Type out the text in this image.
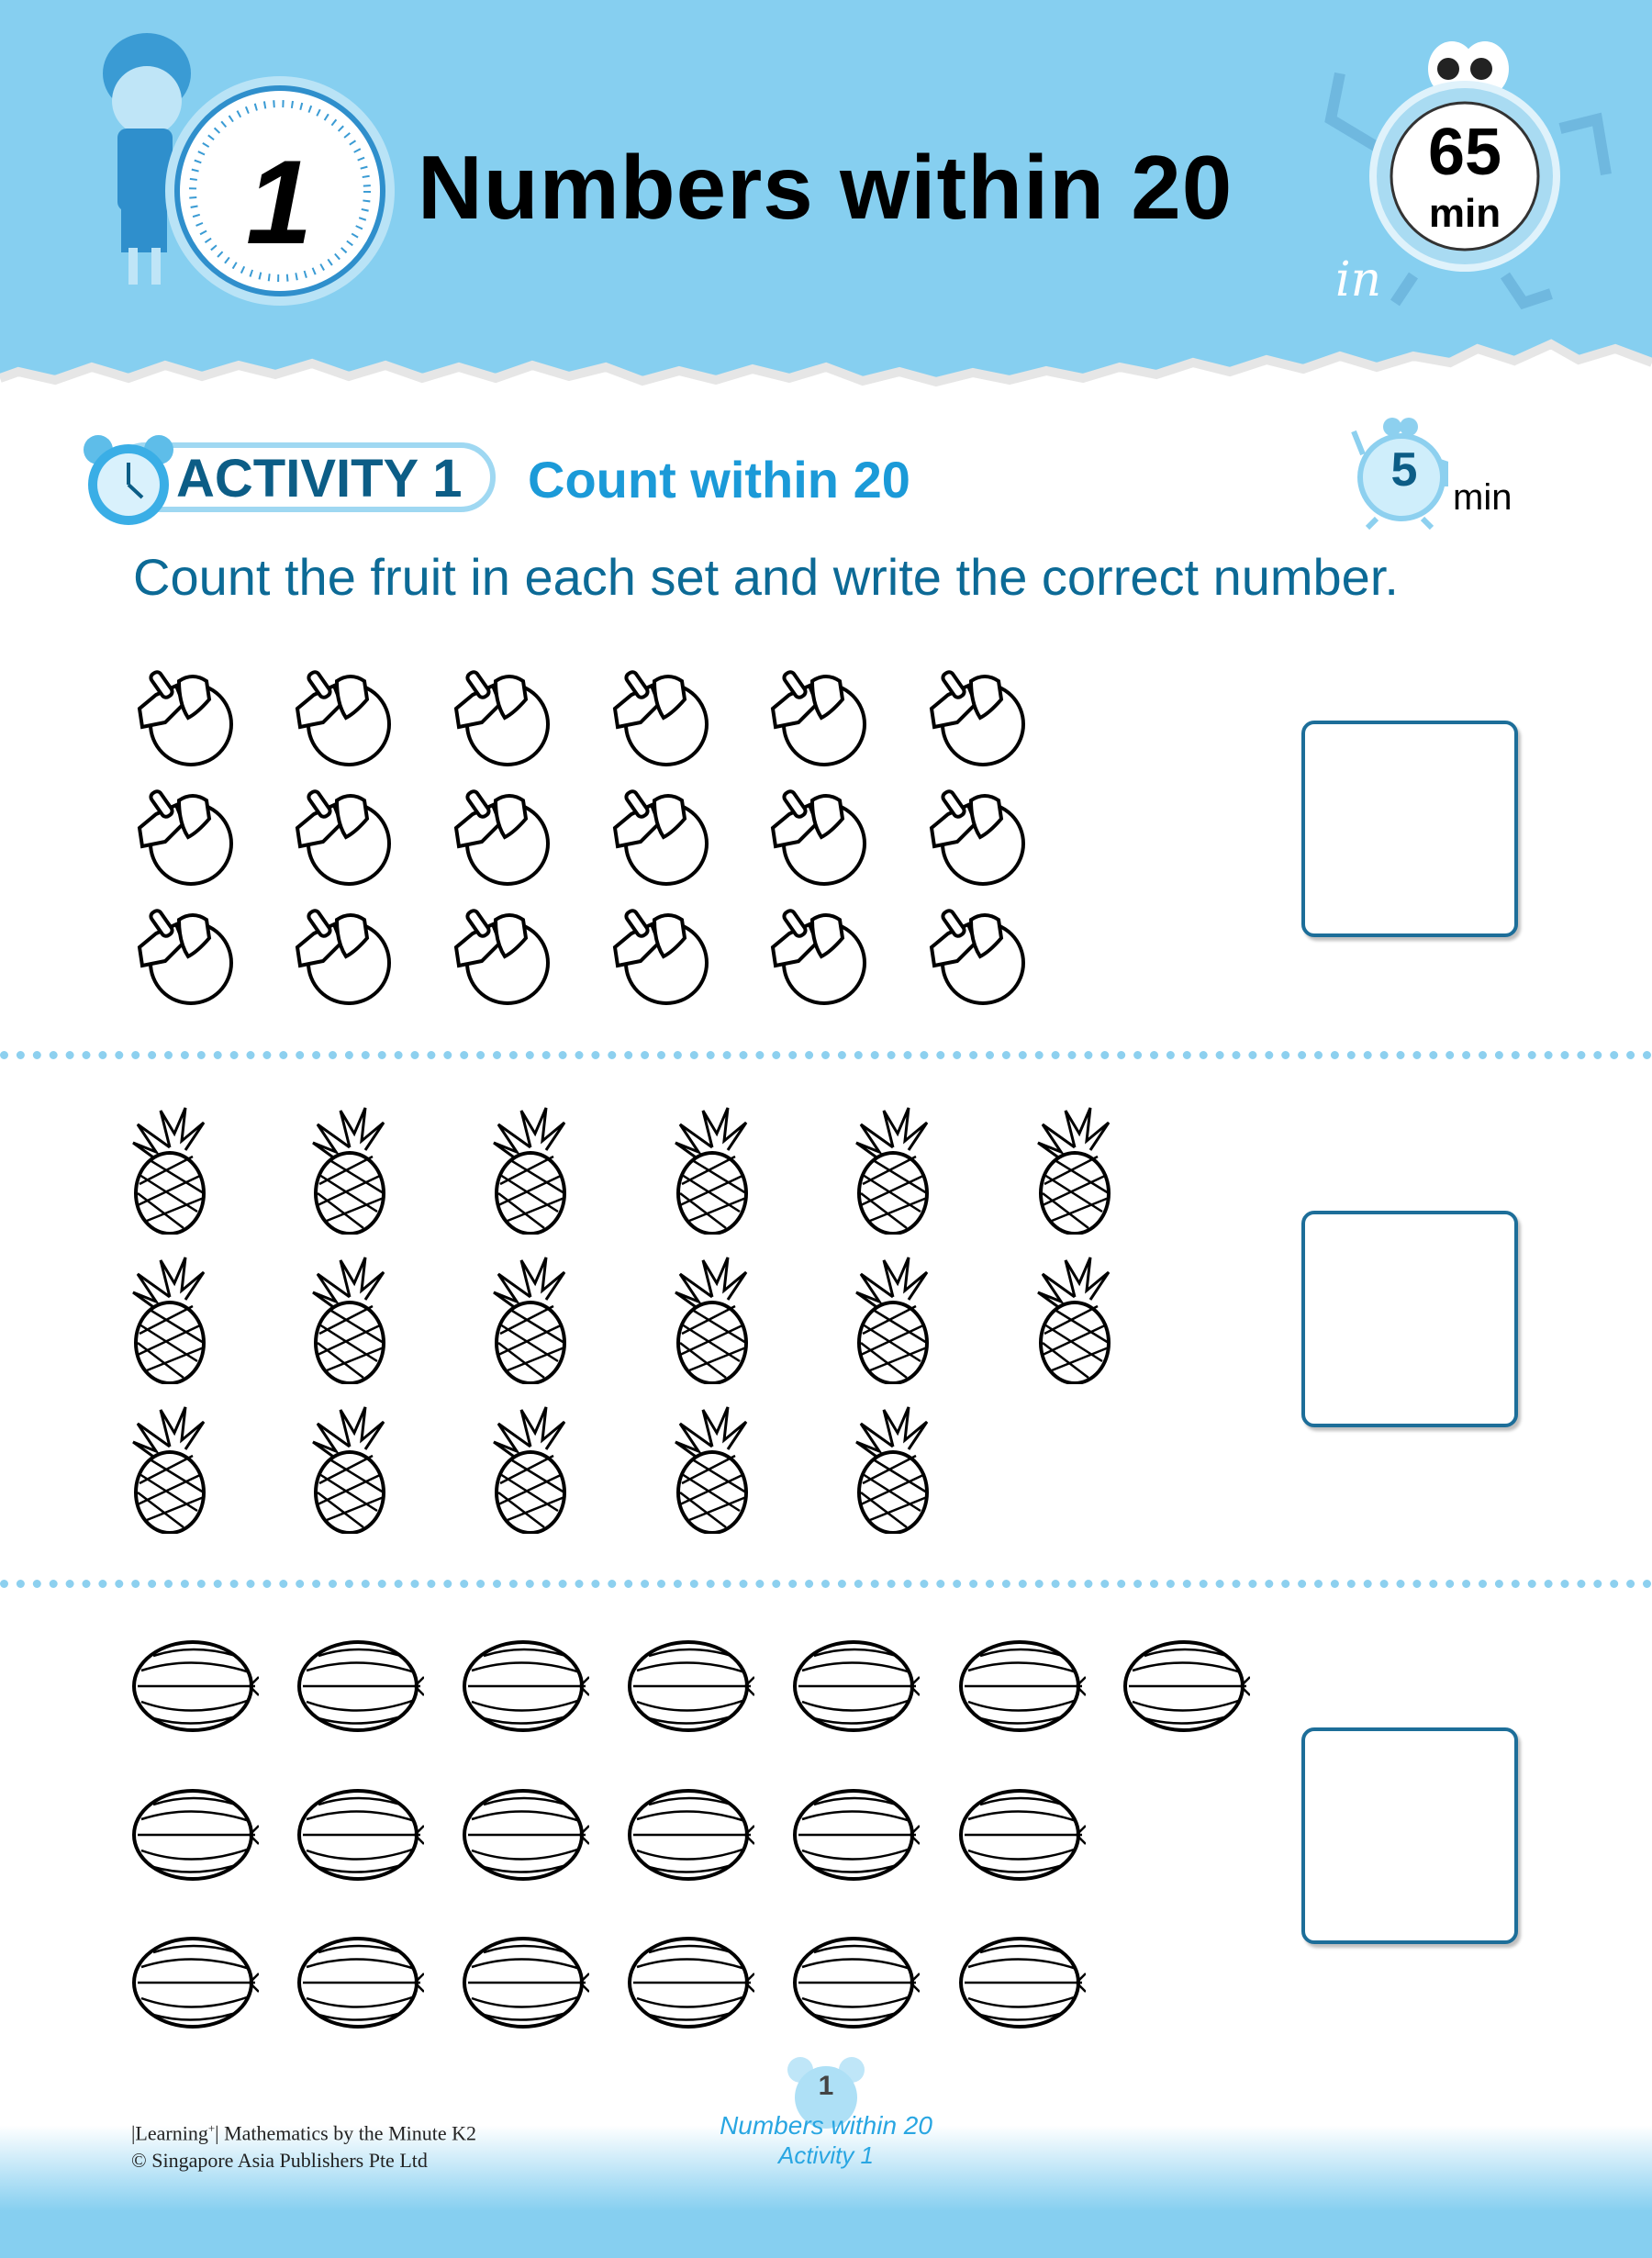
1 Numbers within 20	65
min
in
ACTIVITY 1 Count within 20	5
min
Count the fruit in each set and write the correct number.
|Learning+| Mathematics by the Minute K2
© Singapore Asia Publishers Pte Ltd
1
Numbers within 20
Activity 1
